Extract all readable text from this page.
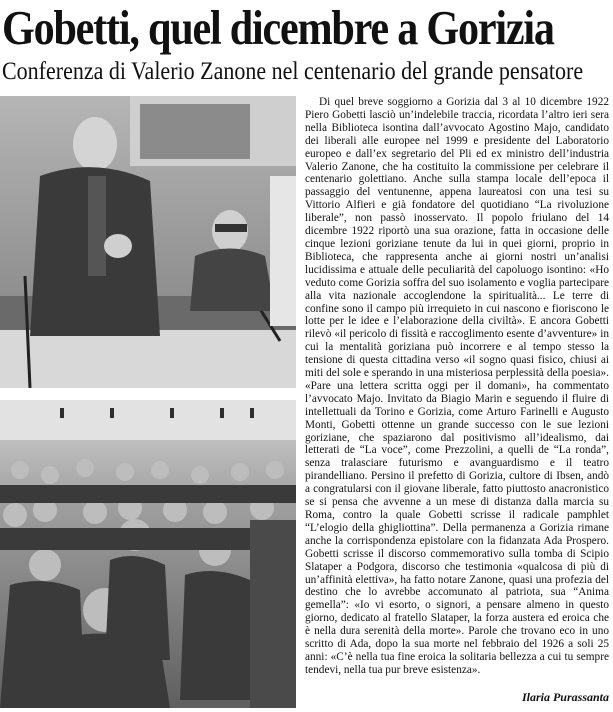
Gobetti, quel dicembre a Gorizia
Conferenza di Valerio Zanone nel centenario del grande pensatore

Di quel breve soggiorno a Gorizia dal 3 al 10 dicembre 1922 Piero Gobetti lasciò un’indelebile traccia, ricordata l’altro ieri sera nella Biblioteca isontina dall’avvocato Agostino Majo, candidato dei liberali alle europee nel 1999 e presidente del Laboratorio europeo e dall’ex segretario del Pli ed ex ministro dell’industria Valerio Zanone, che ha costituito la commissione per celebrare il centenario golettiano. Anche sulla stampa locale dell’epoca il passaggio del ventunenne, appena laureatosi con una tesi su Vittorio Alfieri e già fondatore del quotidiano “La rivoluzione liberale”, non passò inosservato. Il popolo friulano del 14 dicembre 1922 riportò una sua orazione, fatta in occasione delle cinque lezioni goriziane tenute da lui in quei giorni, proprio in Biblioteca, che rappresenta anche ai giorni nostri un’analisi lucidissima e attuale delle peculiarità del capoluogo isontino: «Ho veduto come Gorizia soffra del suo isolamento e voglia partecipare alla vita nazionale accoglendone la spiritualità... Le terre di confine sono il campo più irrequieto in cui nascono e fioriscono le lotte per le idee e l’elaborazione della civiltà». E ancora Gobetti rilevò «il pericolo di fissità e raccoglimento esente d’avventure» in cui la mentalità goriziana può incorrere e al tempo stesso la tensione di questa cittadina verso «il sogno quasi fisico, chiusi ai miti del sole e sperando in una misteriosa perplessità della poesia». «Pare una lettera scritta oggi per il domani», ha commentato l’avvocato Majo. Invitato da Biagio Marin e seguendo il fluire di intellettuali da Torino e Gorizia, come Arturo Farinelli e Augusto Monti, Gobetti ottenne un grande successo con le sue lezioni goriziane, che spaziarono dal positivismo all’idealismo, dai letterati de “La voce”, come Prezzolini, a quelli de “La ronda”, senza tralasciare futurismo e avanguardismo e il teatro pirandelliano. Persino il prefetto di Gorizia, cultore di Ibsen, andò a congratularsi con il giovane liberale, fatto piuttosto anacronistico se si pensa che avvenne a un mese di distanza dalla marcia su Roma, contro la quale Gobetti scrisse il radicale pamphlet “L’elogio della ghigliottina”. Della permanenza a Gorizia rimane anche la corrispondenza epistolare con la fidanzata Ada Prospero. Gobetti scrisse il discorso commemorativo sulla tomba di Scipio Slataper a Podgora, discorso che testimonia «qualcosa di più di un’affinità elettiva», ha fatto notare Zanone, quasi una profezia del destino che lo avrebbe accomunato al patriota, sua “Anima gemella”: «Io vi esorto, o signori, a pensare almeno in questo giorno, dedicato al fratello Slataper, la forza austera ed eroica che è nella dura serenità della morte». Parole che trovano eco in uno scritto di Ada, dopo la sua morte nel febbraio del 1926 a soli 25 anni: «C’è nella tua fine eroica la solitaria bellezza a cui tu sempre tendevi, nella tua pur breve esistenza».

Ilaria Purassanta
